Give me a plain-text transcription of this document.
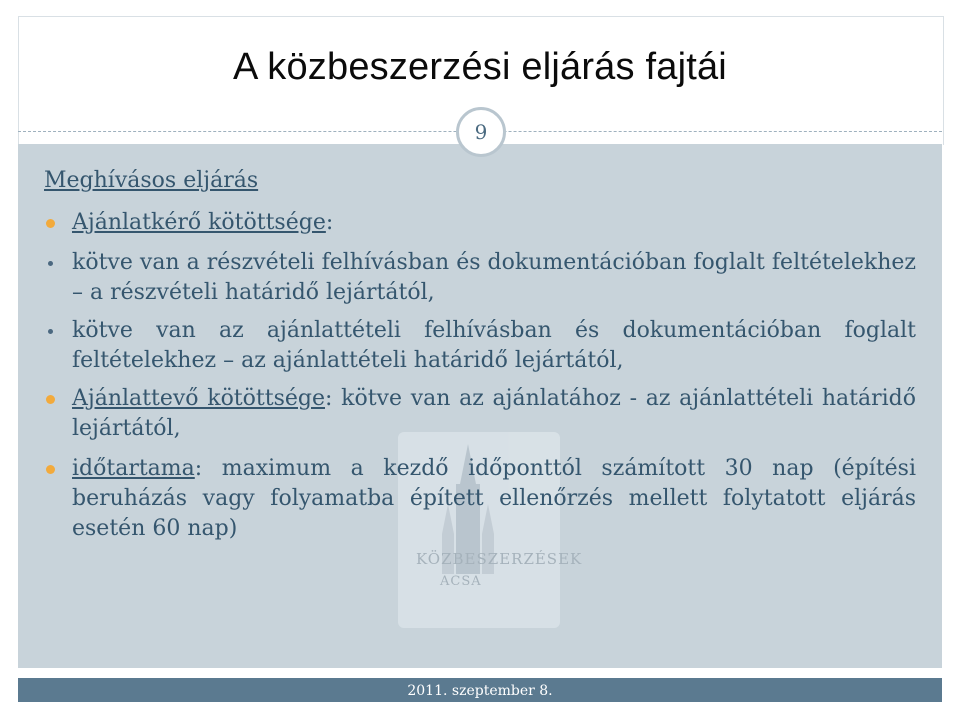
A közbeszerzési eljárás fajtái
KÖZBESZERZÉSEK
ACSA
9
Meghívásos eljárás
Ajánlatkérő kötöttsége:
kötve van a részvételi felhívásban és dokumentációban foglalt feltételekhez – a részvételi határidő lejártától,
kötve van az ajánlattételi felhívásban és dokumentációban foglalt feltételekhez – az ajánlattételi határidő lejártától,
Ajánlattevő kötöttsége: kötve van az ajánlatához - az ajánlattételi határidő lejártától,
időtartama: maximum a kezdő időponttól számított 30 nap (építési beruházás vagy folyamatba épített ellenőrzés mellett folytatott eljárás esetén 60 nap)
2011. szeptember 8.
